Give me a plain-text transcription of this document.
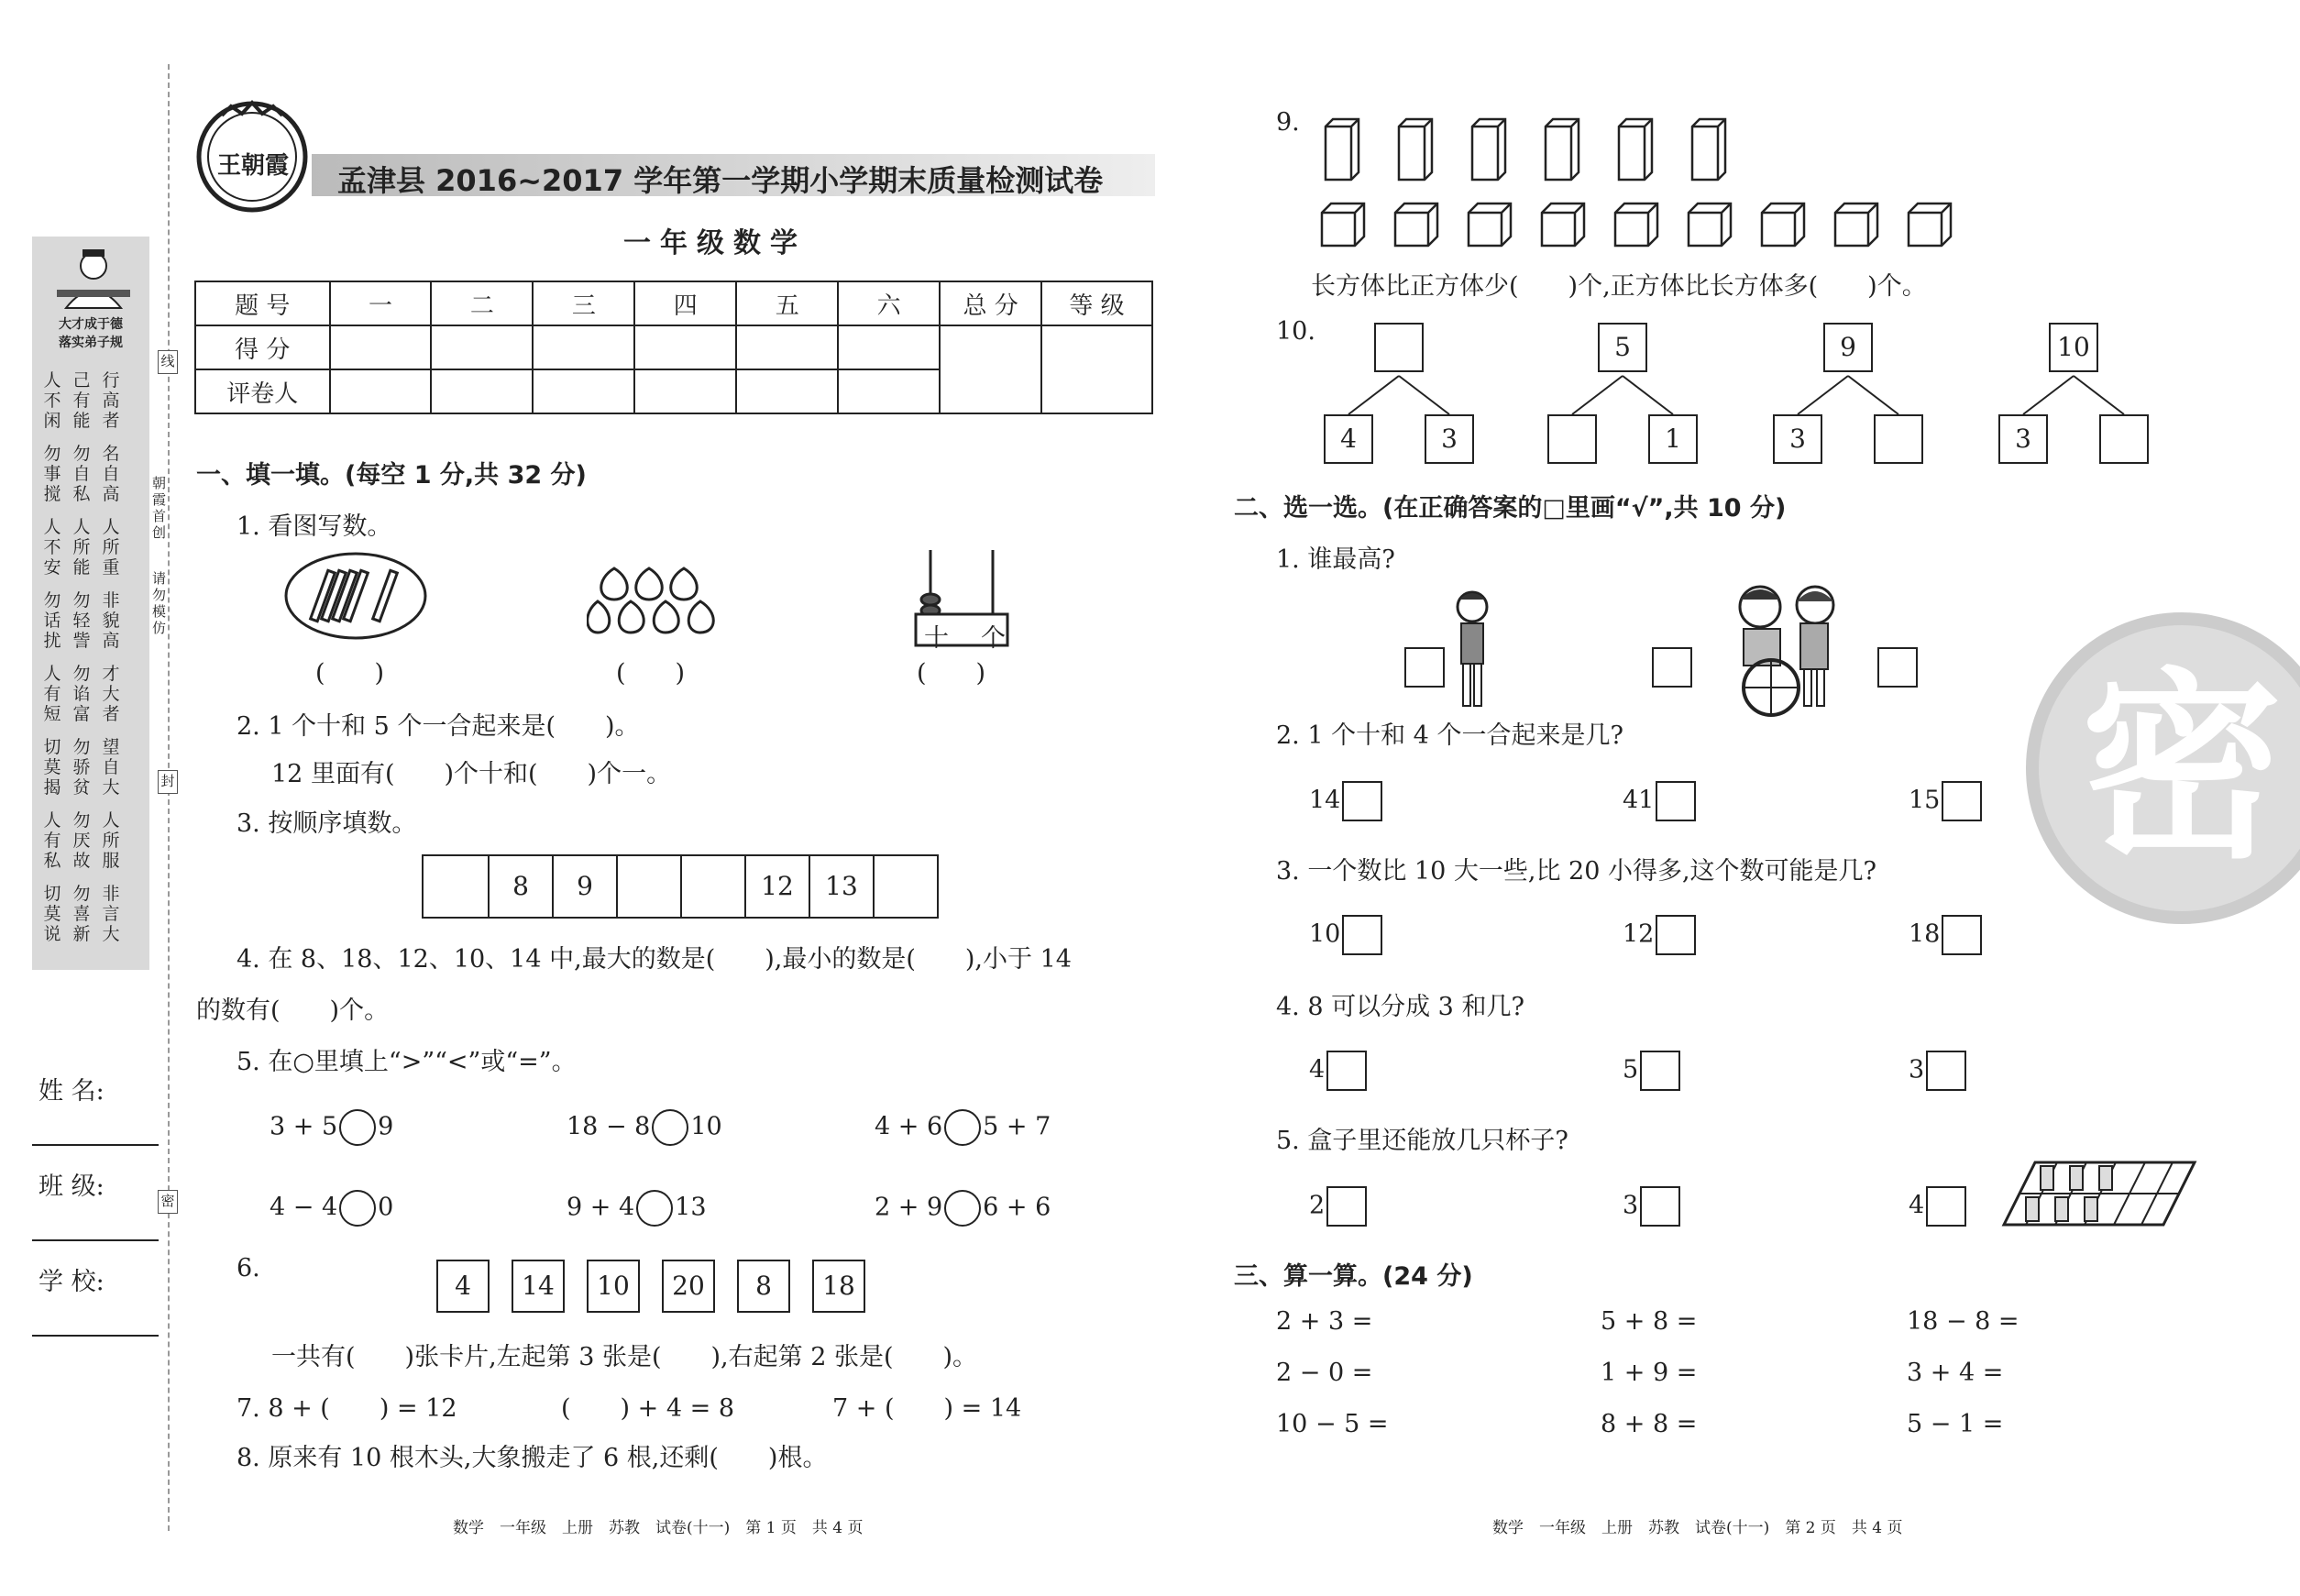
大才成于德
落实弟子规
人不闲
己有能
行高者
勿事搅
勿自私
名自高
人不安
人所能
人所重
勿话扰
勿轻訾
非貌高
人有短
勿谄富
才大者
切莫揭
勿骄贫
望自大
人有私
勿厌故
人所服
切莫说
勿喜新
非言大
姓 名:
班 级:
学 校:
线
封
密
朝霞首创
请勿模仿
王朝霞 孟津县 2016~2017 学年第一学期小学期末质量检测试卷
一年级数学
题 号	一	二	三	四	五	六	总 分	等 级
得 分								
评卷人								
一、填一填。(每空 1 分,共 32 分)
1. 看图写数。
十 个
(　　)	(　　)	(　　)
2. 1 个十和 5 个一合起来是(　　)。
12 里面有(　　)个十和(　　)个一。
3. 按顺序填数。
8	9	12	13
4. 在 8、18、12、10、14 中,最大的数是(　　),最小的数是(　　),小于 14
的数有(　　)个。
5. 在○里填上“>”“<”或“=”。
3 + 5 9	18 − 8 10	4 + 6 5 + 7
4 − 4 0	9 + 4 13	2 + 9 6 + 6
6.
4	14	10	20	8	18
一共有(　　)张卡片,左起第 3 张是(　　),右起第 2 张是(　　)。
7. 8 + (　　) = 12	(　　) + 4 = 8	7 + (　　) = 14
8. 原来有 10 根木头,大象搬走了 6 根,还剩(　　)根。
数学　一年级　上册　苏教　试卷(十一)　第 1 页　共 4 页
9.
长方体比正方体少(　　)个,正方体比长方体多(　　)个。
10.
4	3
5
1
9
3
10
3
二、选一选。(在正确答案的□里画“√”,共 10 分)
1. 谁最高?
2. 1 个十和 4 个一合起来是几?
3. 一个数比 10 大一些,比 20 小得多,这个数可能是几?
4. 8 可以分成 3 和几?
5. 盒子里还能放几只杯子?
14	41	15
10	12	18
4	5	3
2	3	4
三、算一算。(24 分)
2 + 3 =	5 + 8 =	18 − 8 =
2 − 0 =	1 + 9 =	3 + 4 =
10 − 5 =	8 + 8 =	5 − 1 =
数学　一年级　上册　苏教　试卷(十一)　第 2 页　共 4 页
密
